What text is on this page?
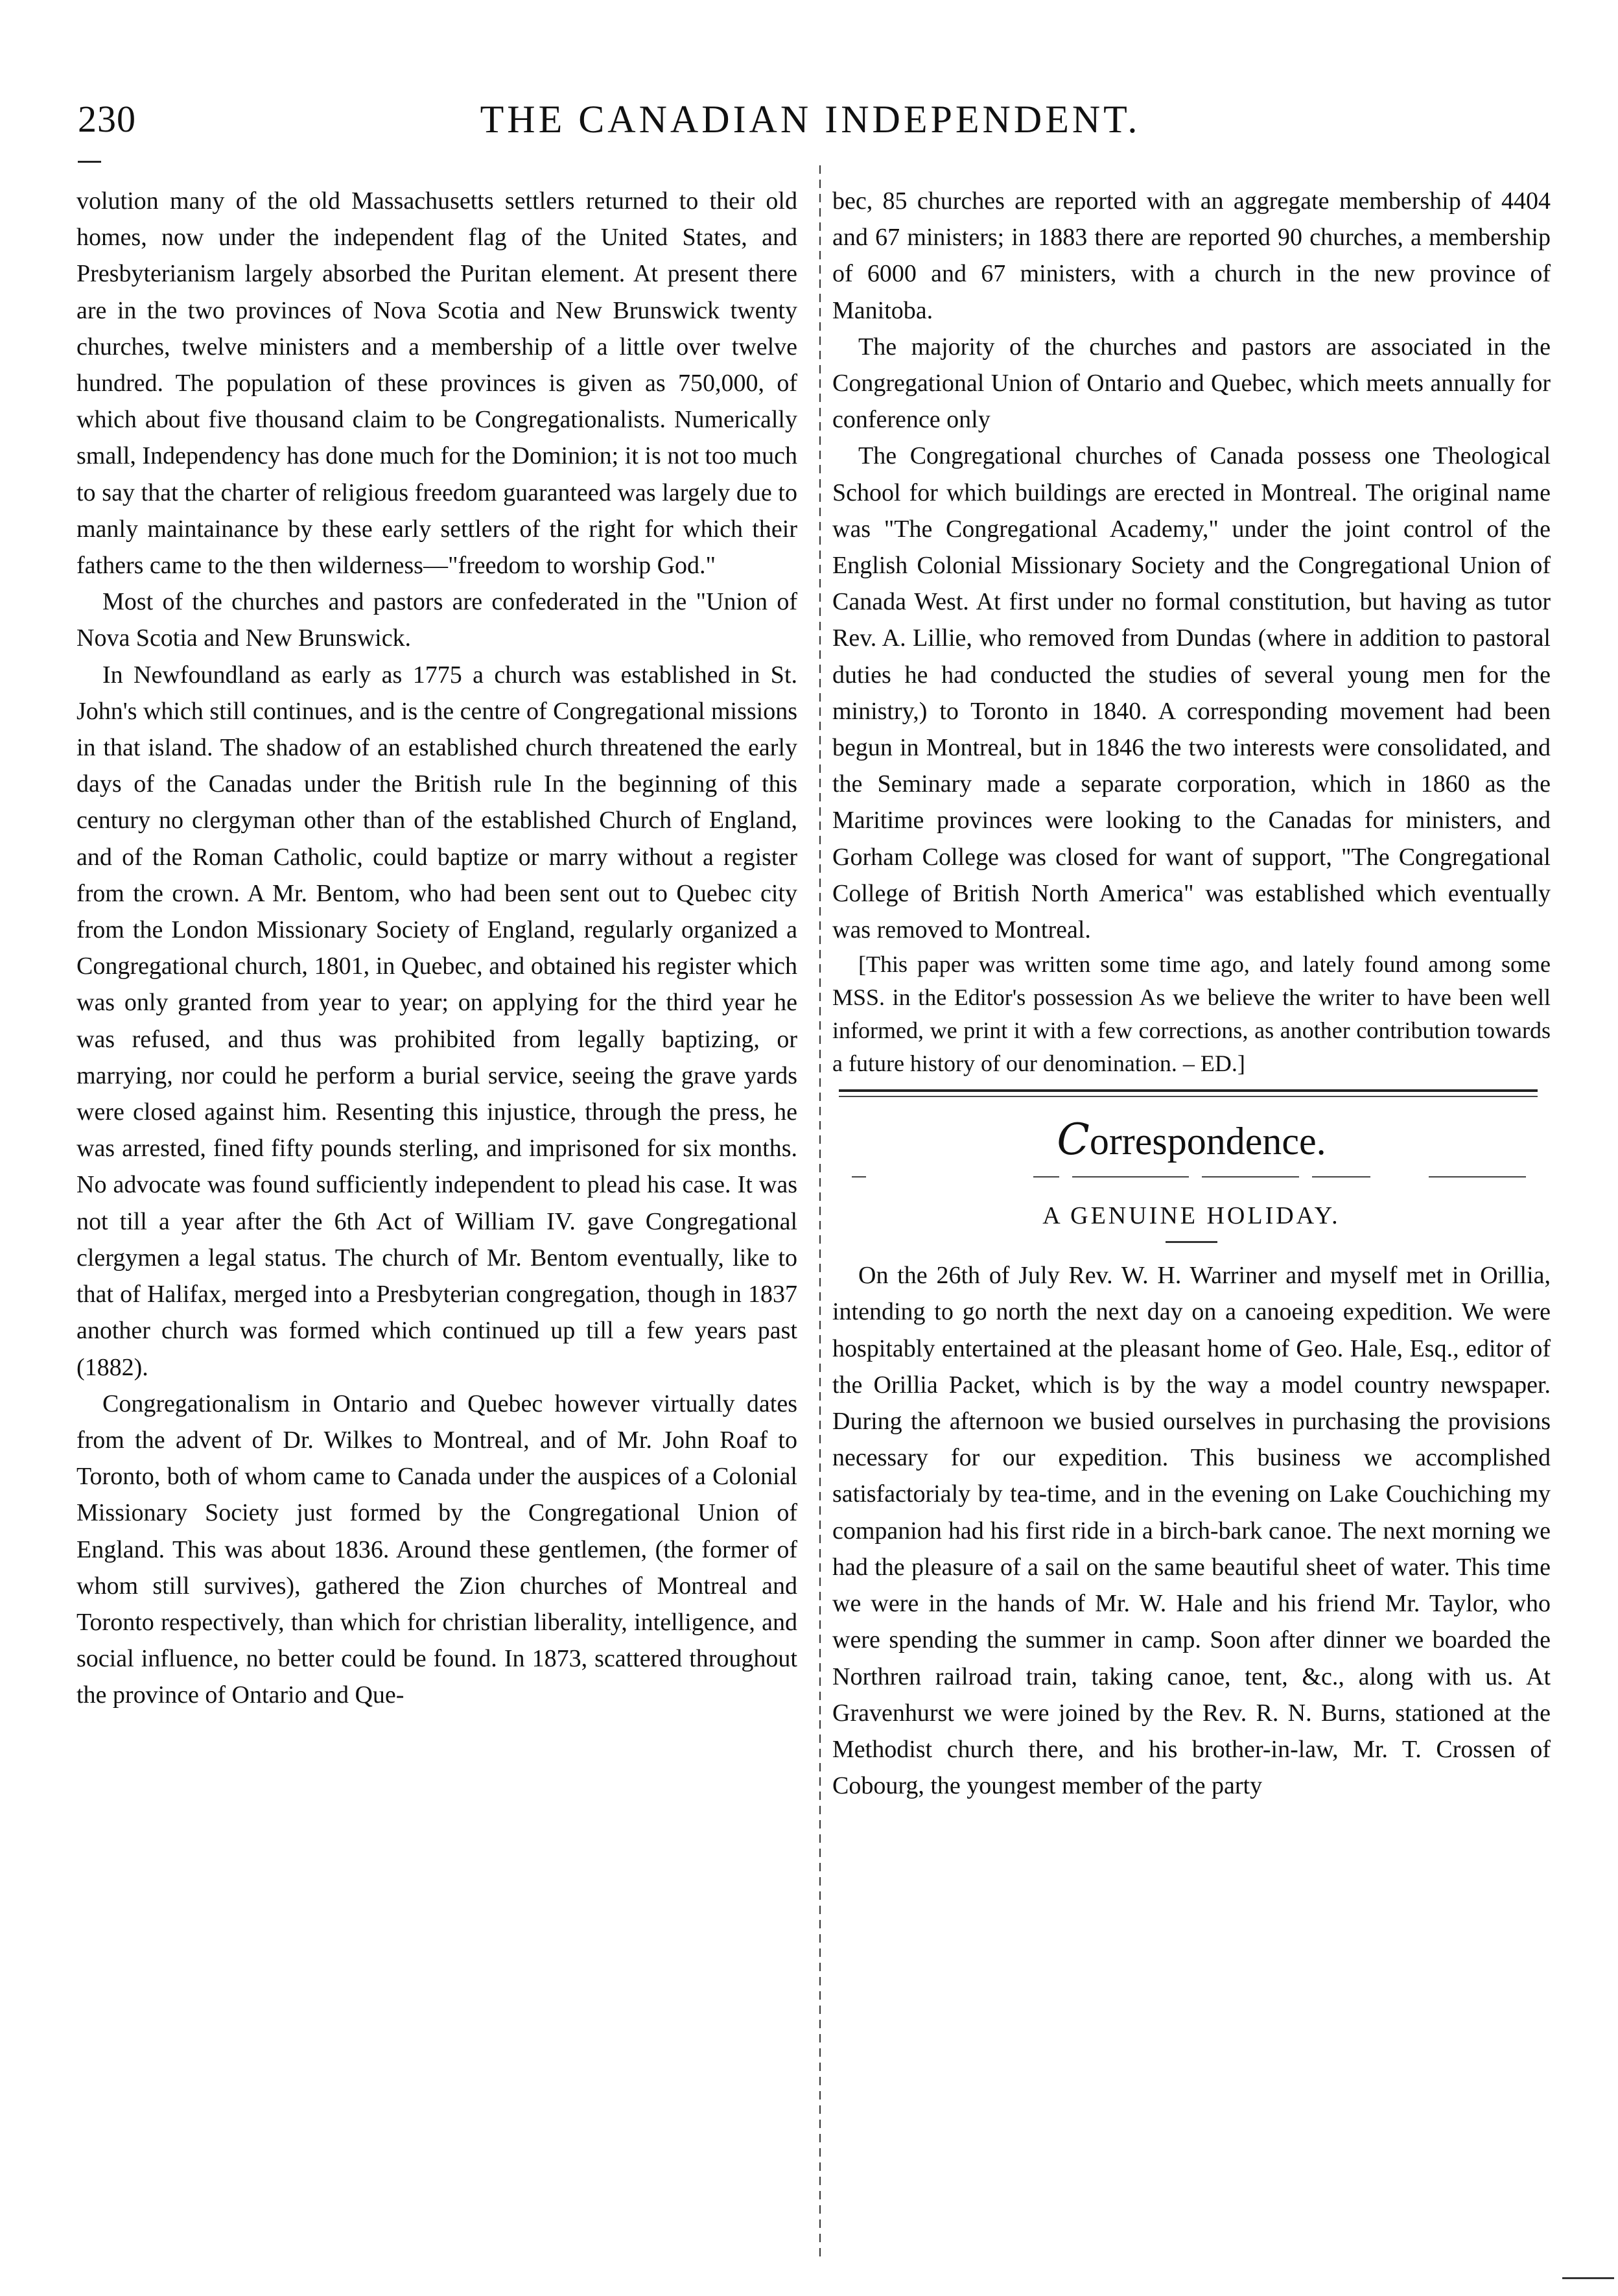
230	THE CANADIAN INDEPENDENT.

volution many of the old Massachusetts settlers returned to their old homes, now under the independent flag of the United States, and Presbyterianism largely absorbed the Puritan element. At present there are in the two provinces of Nova Scotia and New Brunswick twenty churches, twelve ministers and a membership of a little over twelve hundred. The population of these provinces is given as 750,000, of which about five thousand claim to be Congregationalists. Numerically small, Independency has done much for the Dominion; it is not too much to say that the charter of religious freedom guaranteed was largely due to manly maintainance by these early settlers of the right for which their fathers came to the then wilderness—"freedom to worship God."

Most of the churches and pastors are confederated in the "Union of Nova Scotia and New Brunswick.

In Newfoundland as early as 1775 a church was established in St. John's which still continues, and is the centre of Congregational missions in that island. The shadow of an established church threatened the early days of the Canadas under the British rule In the beginning of this century no clergyman other than of the established Church of England, and of the Roman Catholic, could baptize or marry without a register from the crown. A Mr. Bentom, who had been sent out to Quebec city from the London Missionary Society of England, regularly organized a Congregational church, 1801, in Quebec, and obtained his register which was only granted from year to year; on applying for the third year he was refused, and thus was prohibited from legally baptizing, or marrying, nor could he perform a burial service, seeing the grave yards were closed against him. Resenting this injustice, through the press, he was arrested, fined fifty pounds sterling, and imprisoned for six months. No advocate was found sufficiently independent to plead his case. It was not till a year after the 6th Act of William IV. gave Congregational clergymen a legal status. The church of Mr. Bentom eventually, like to that of Halifax, merged into a Presbyterian congregation, though in 1837 another church was formed which continued up till a few years past (1882).

Congregationalism in Ontario and Quebec however virtually dates from the advent of Dr. Wilkes to Montreal, and of Mr. John Roaf to Toronto, both of whom came to Canada under the auspices of a Colonial Missionary Society just formed by the Congregational Union of England. This was about 1836. Around these gentlemen, (the former of whom still survives), gathered the Zion churches of Montreal and Toronto respectively, than which for christian liberality, intelligence, and social influence, no better could be found. In 1873, scattered throughout the province of Ontario and Que-

bec, 85 churches are reported with an aggregate membership of 4404 and 67 ministers; in 1883 there are reported 90 churches, a membership of 6000 and 67 ministers, with a church in the new province of Manitoba.

The majority of the churches and pastors are associated in the Congregational Union of Ontario and Quebec, which meets annually for conference only

The Congregational churches of Canada possess one Theological School for which buildings are erected in Montreal. The original name was "The Congregational Academy," under the joint control of the English Colonial Missionary Society and the Congregational Union of Canada West. At first under no formal constitution, but having as tutor Rev. A. Lillie, who removed from Dundas (where in addition to pastoral duties he had conducted the studies of several young men for the ministry,) to Toronto in 1840. A corresponding movement had been begun in Montreal, but in 1846 the two interests were consolidated, and the Seminary made a separate corporation, which in 1860 as the Maritime provinces were looking to the Canadas for ministers, and Gorham College was closed for want of support, "The Congregational College of British North America" was established which eventually was removed to Montreal.

[This paper was written some time ago, and lately found among some MSS. in the Editor's possession As we believe the writer to have been well informed, we print it with a few corrections, as another contribution towards a future history of our denomination. – ED.]

Correspondence.
A GENUINE HOLIDAY.

On the 26th of July Rev. W. H. Warriner and myself met in Orillia, intending to go north the next day on a canoeing expedition. We were hospitably entertained at the pleasant home of Geo. Hale, Esq., editor of the Orillia Packet, which is by the way a model country newspaper. During the afternoon we busied ourselves in purchasing the provisions necessary for our expedition. This business we accomplished satisfactorialy by tea-time, and in the evening on Lake Couchiching my companion had his first ride in a birch-bark canoe. The next morning we had the pleasure of a sail on the same beautiful sheet of water. This time we were in the hands of Mr. W. Hale and his friend Mr. Taylor, who were spending the summer in camp. Soon after dinner we boarded the Northren railroad train, taking canoe, tent, &c., along with us. At Gravenhurst we were joined by the Rev. R. N. Burns, stationed at the Methodist church there, and his brother-in-law, Mr. T. Crossen of Cobourg, the youngest member of the party
